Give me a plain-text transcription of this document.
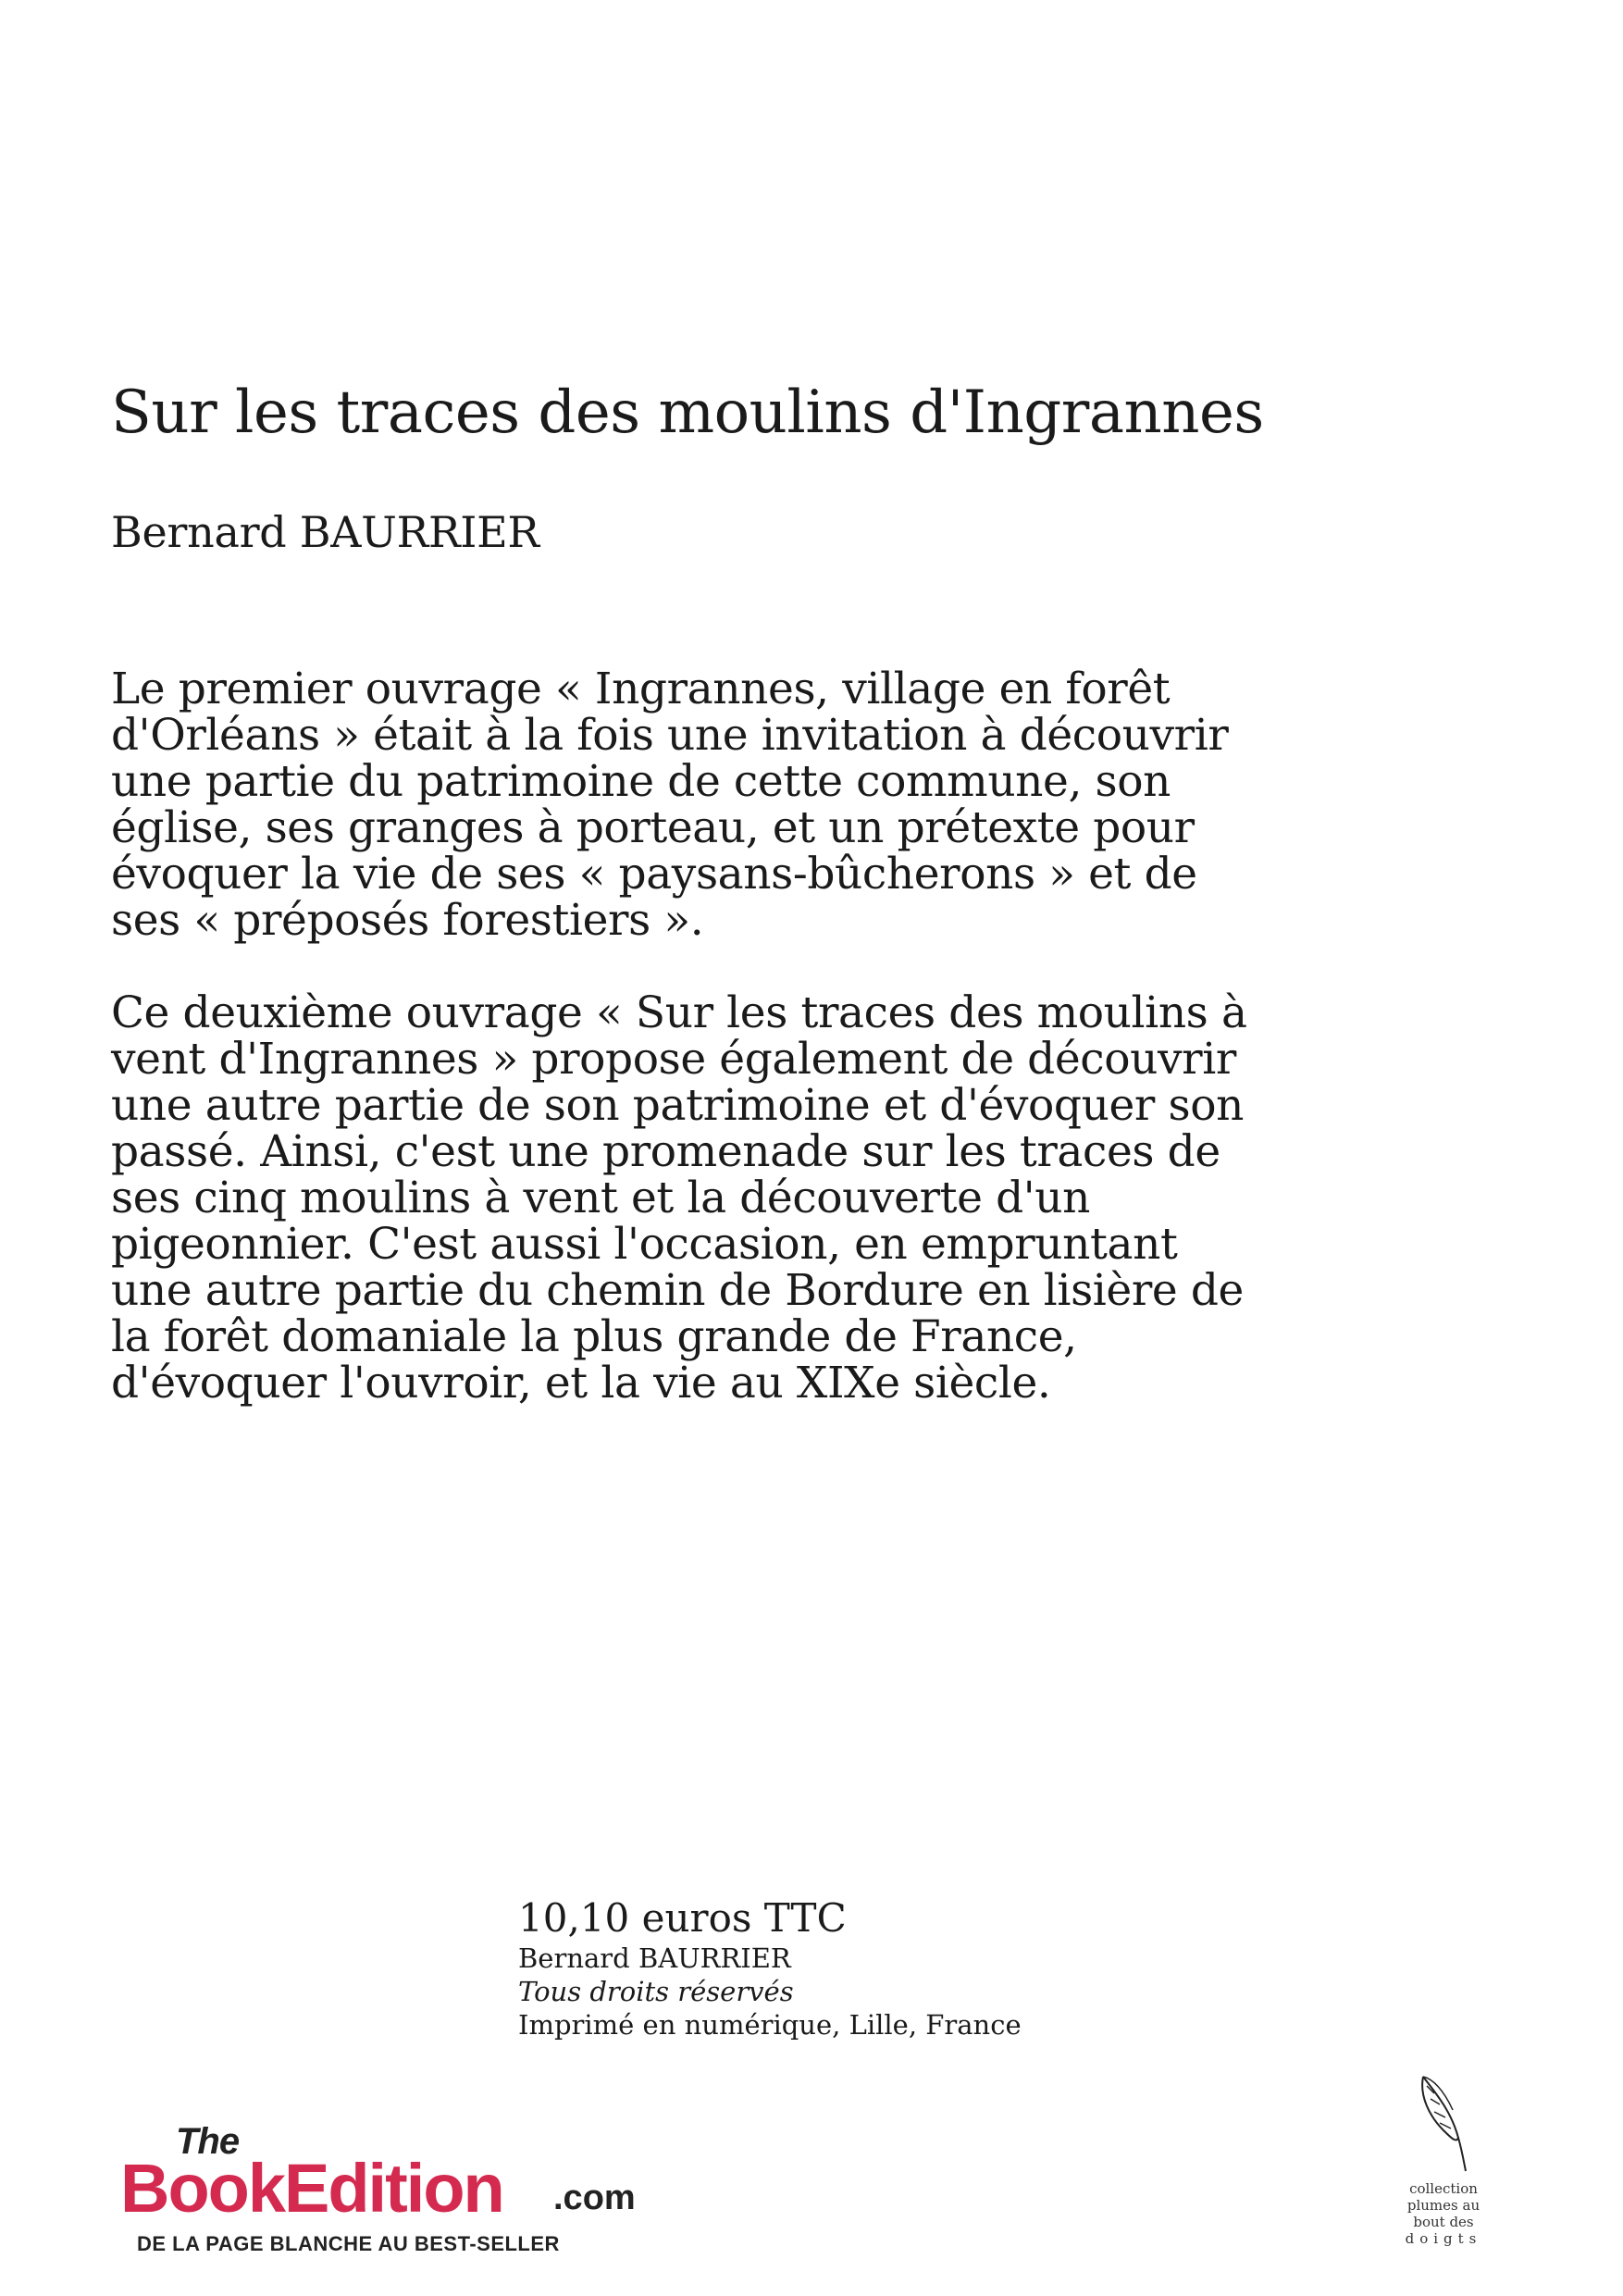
Sur les traces des moulins d'Ingrannes
Bernard BAURRIER

Le premier ouvrage « Ingrannes, village en forêt d'Orléans » était à la fois une invitation à découvrir une partie du patrimoine de cette commune, son église, ses granges à porteau, et un prétexte pour évoquer la vie de ses « paysans-bûcherons » et de ses « préposés forestiers ».

Ce deuxième ouvrage « Sur les traces des moulins à vent d'Ingrannes » propose également de découvrir une autre partie de son patrimoine et d'évoquer son passé. Ainsi, c'est une promenade sur les traces de ses cinq moulins à vent et la découverte d'un pigeonnier. C'est aussi l'occasion, en empruntant une autre partie du chemin de Bordure en lisière de la forêt domaniale la plus grande de France, d'évoquer l'ouvroir, et la vie au XIXe siècle.

10,10 euros TTC
Bernard BAURRIER
Tous droits réservés
Imprimé en numérique, Lille, France
The
BookEdition .com
DE LA PAGE BLANCHE AU BEST-SELLER
collection
plumes au
bout des
doigts
